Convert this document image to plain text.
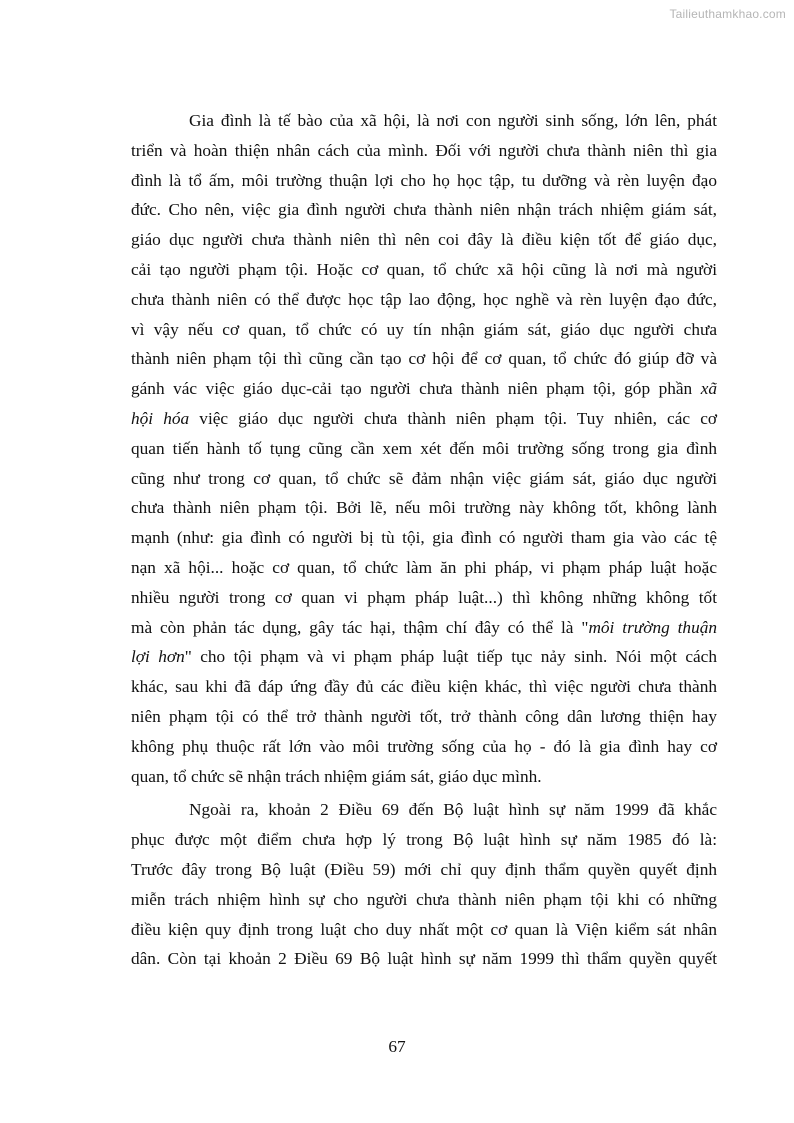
Tailieuthamkhao.com
Gia đình là tế bào của xã hội, là nơi con người sinh sống, lớn lên, phát
triển và hoàn thiện nhân cách của mình. Đối với người chưa thành niên thì gia
đình là tổ ấm, môi trường thuận lợi cho họ học tập, tu dưỡng và rèn luyện đạo
đức. Cho nên, việc gia đình người chưa thành niên nhận trách nhiệm giám sát,
giáo dục người chưa thành niên thì nên coi đây là điều kiện tốt để giáo dục,
cải tạo người phạm tội. Hoặc cơ quan, tổ chức xã hội cũng là nơi mà người
chưa thành niên có thể được học tập lao động, học nghề và rèn luyện đạo đức,
vì vậy nếu cơ quan, tổ chức có uy tín nhận giám sát, giáo dục người chưa
thành niên phạm tội thì cũng cần tạo cơ hội để cơ quan, tổ chức đó giúp đỡ và
gánh vác việc giáo dục-cải tạo người chưa thành niên phạm tội, góp phần xã
hội hóa việc giáo dục người chưa thành niên phạm tội. Tuy nhiên, các cơ
quan tiến hành tố tụng cũng cần xem xét đến môi trường sống trong gia đình
cũng như trong cơ quan, tổ chức sẽ đảm nhận việc giám sát, giáo dục người
chưa thành niên phạm tội. Bởi lẽ, nếu môi trường này không tốt, không lành
mạnh (như: gia đình có người bị tù tội, gia đình có người tham gia vào các tệ
nạn xã hội... hoặc cơ quan, tổ chức làm ăn phi pháp, vi phạm pháp luật hoặc
nhiều người trong cơ quan vi phạm pháp luật...) thì không những không tốt
mà còn phản tác dụng, gây tác hại, thậm chí đây có thể là "môi trường thuận
lợi hơn" cho tội phạm và vi phạm pháp luật tiếp tục nảy sinh. Nói một cách
khác, sau khi đã đáp ứng đầy đủ các điều kiện khác, thì việc người chưa thành
niên phạm tội có thể trở thành người tốt, trở thành công dân lương thiện hay
không phụ thuộc rất lớn vào môi trường sống của họ - đó là gia đình hay cơ
quan, tổ chức sẽ nhận trách nhiệm giám sát, giáo dục mình.
Ngoài ra, khoản 2 Điều 69 đến Bộ luật hình sự năm 1999 đã khắc
phục được một điểm chưa hợp lý trong Bộ luật hình sự năm 1985 đó là:
Trước đây trong Bộ luật (Điều 59) mới chỉ quy định thẩm quyền quyết định
miễn trách nhiệm hình sự cho người chưa thành niên phạm tội khi có những
điều kiện quy định trong luật cho duy nhất một cơ quan là Viện kiểm sát nhân
dân. Còn tại khoản 2 Điều 69 Bộ luật hình sự năm 1999 thì thẩm quyền quyết
67
